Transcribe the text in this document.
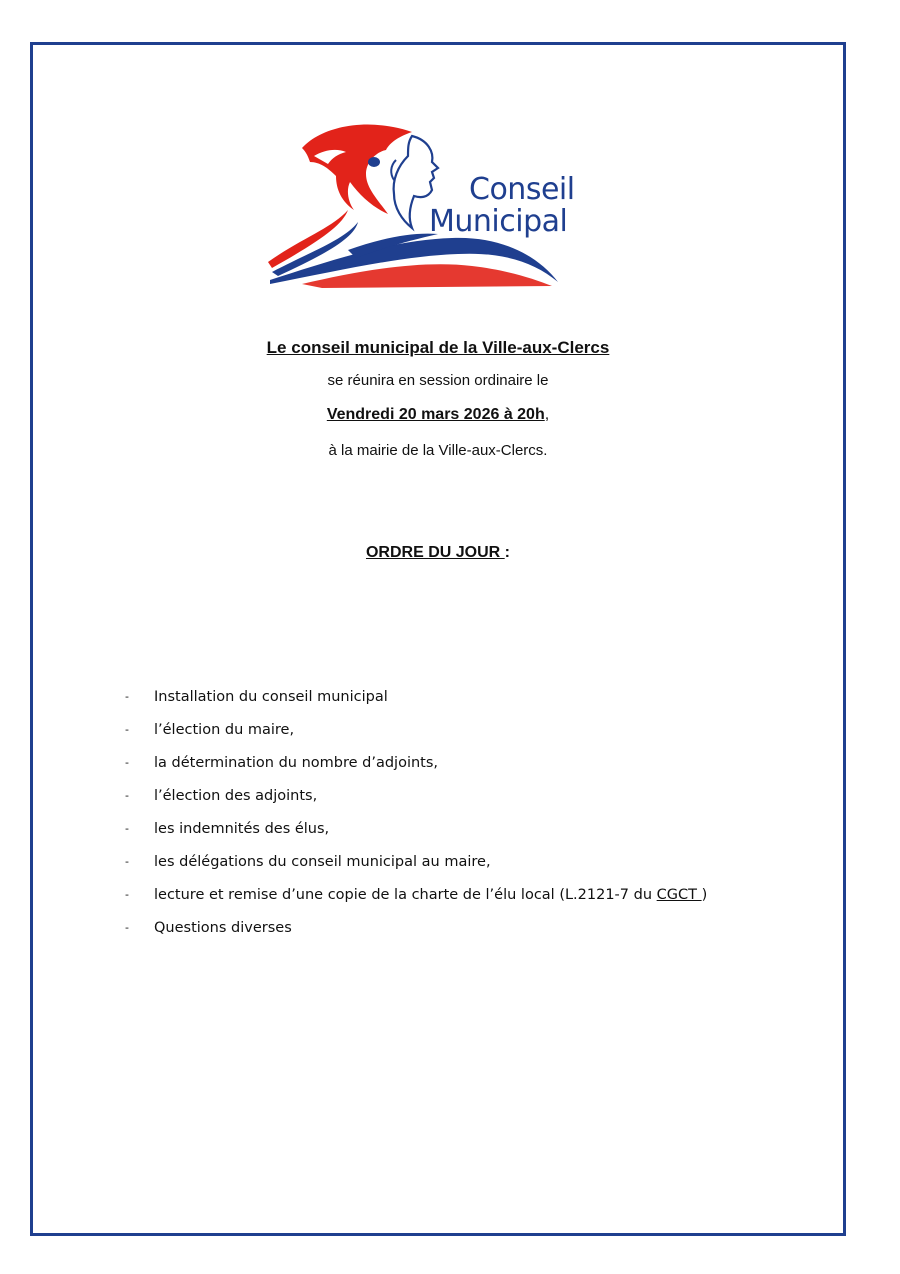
Conseil
Municipal
Le conseil municipal de la Ville-aux-Clercs
se réunira en session ordinaire le
Vendredi 20 mars 2026 à 20h,
à la mairie de la Ville-aux-Clercs.
ORDRE DU JOUR :
- Installation du conseil municipal
- l’élection du maire,
- la détermination du nombre d’adjoints,
- l’élection des adjoints,
- les indemnités des élus,
- les délégations du conseil municipal au maire,
- lecture et remise d’une copie de la charte de l’élu local (L.2121-7 du CGCT )
- Questions diverses
